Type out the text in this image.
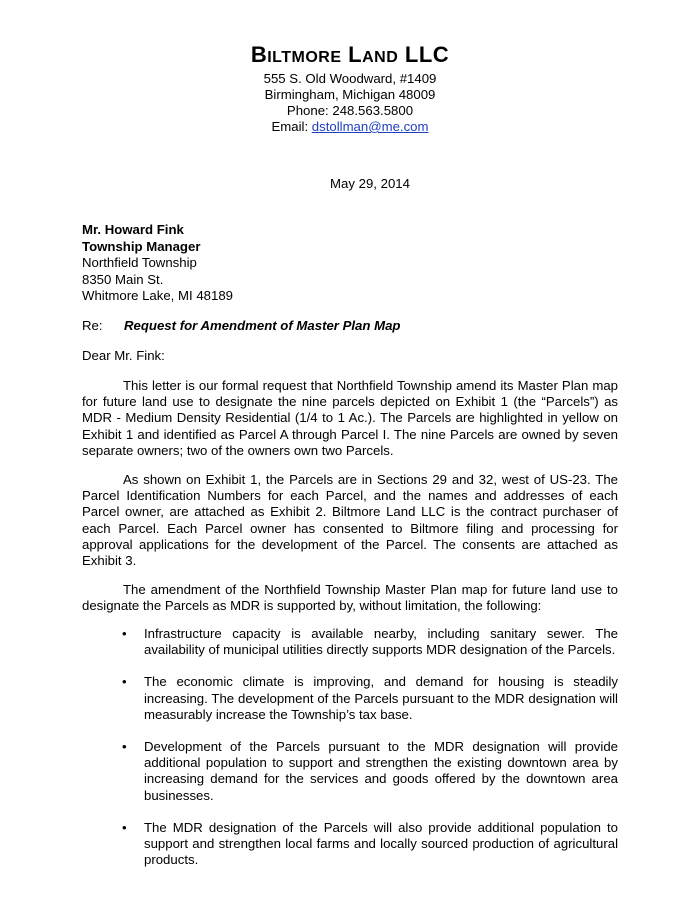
BILTMORE LAND LLC
555 S. Old Woodward, #1409
Birmingham, Michigan 48009
Phone: 248.563.5800
Email: dstollman@me.com
May 29, 2014
Mr. Howard Fink
Township Manager
Northfield Township
8350 Main St.
Whitmore Lake, MI 48189
Re: Request for Amendment of Master Plan Map
Dear Mr. Fink:
This letter is our formal request that Northfield Township amend its Master Plan map for future land use to designate the nine parcels depicted on Exhibit 1 (the “Parcels”) as MDR - Medium Density Residential (1/4 to 1 Ac.). The Parcels are highlighted in yellow on Exhibit 1 and identified as Parcel A through Parcel I. The nine Parcels are owned by seven separate owners; two of the owners own two Parcels.
As shown on Exhibit 1, the Parcels are in Sections 29 and 32, west of US-23. The Parcel Identification Numbers for each Parcel, and the names and addresses of each Parcel owner, are attached as Exhibit 2. Biltmore Land LLC is the contract purchaser of each Parcel. Each Parcel owner has consented to Biltmore filing and processing for approval applications for the development of the Parcel. The consents are attached as Exhibit 3.
The amendment of the Northfield Township Master Plan map for future land use to designate the Parcels as MDR is supported by, without limitation, the following:
• Infrastructure capacity is available nearby, including sanitary sewer. The availability of municipal utilities directly supports MDR designation of the Parcels.
• The economic climate is improving, and demand for housing is steadily increasing. The development of the Parcels pursuant to the MDR designation will measurably increase the Township’s tax base.
• Development of the Parcels pursuant to the MDR designation will provide additional population to support and strengthen the existing downtown area by increasing demand for the services and goods offered by the downtown area businesses.
• The MDR designation of the Parcels will also provide additional population to support and strengthen local farms and locally sourced production of agricultural products.
